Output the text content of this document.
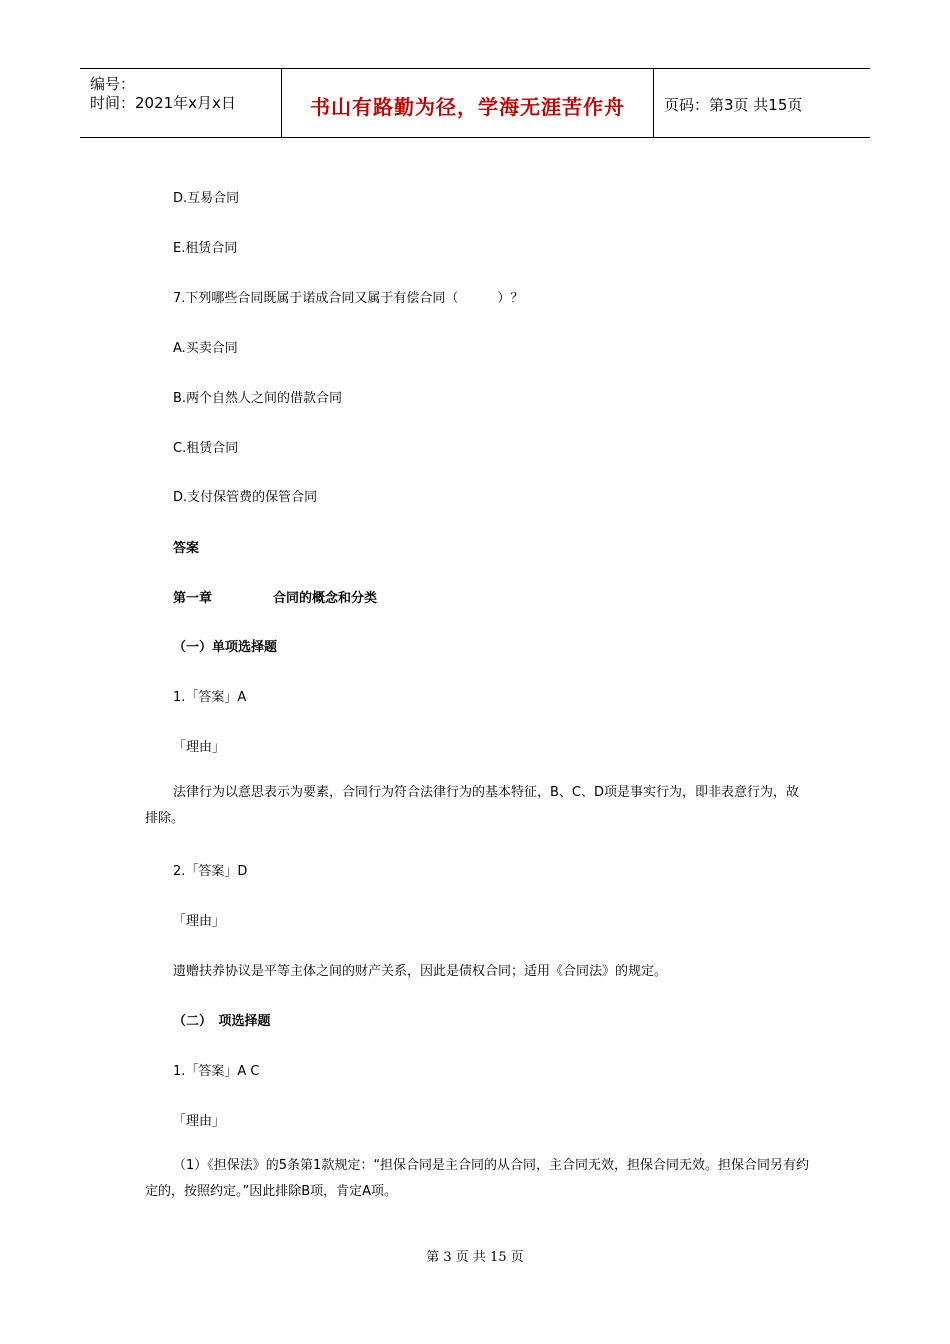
编号：
时间：2021年x月x日	书山有路勤为径，学海无涯苦作舟	页码：第3页 共15页
D.互易合同
E.租赁合同
7.下列哪些合同既属于诺成合同又属于有偿合同（　　　）？
A.买卖合同
B.两个自然人之间的借款合同
C.租赁合同
D.支付保管费的保管合同
答案
第一章	合同的概念和分类
（一）单项选择题
1.「答案」A
「理由」
法律行为以意思表示为要素，合同行为符合法律行为的基本特征，B、C、D项是事实行为，即非表意行为，故排除。
2.「答案」D
「理由」
遗赠扶养协议是平等主体之间的财产关系，因此是债权合同；适用《合同法》的规定。
（二）　项选择题
1.「答案」A C
「理由」
（1）《担保法》的5条第1款规定：“担保合同是主合同的从合同，主合同无效，担保合同无效。担保合同另有约定的，按照约定。”因此排除B项，肯定A项。
第 3 页 共 15 页
